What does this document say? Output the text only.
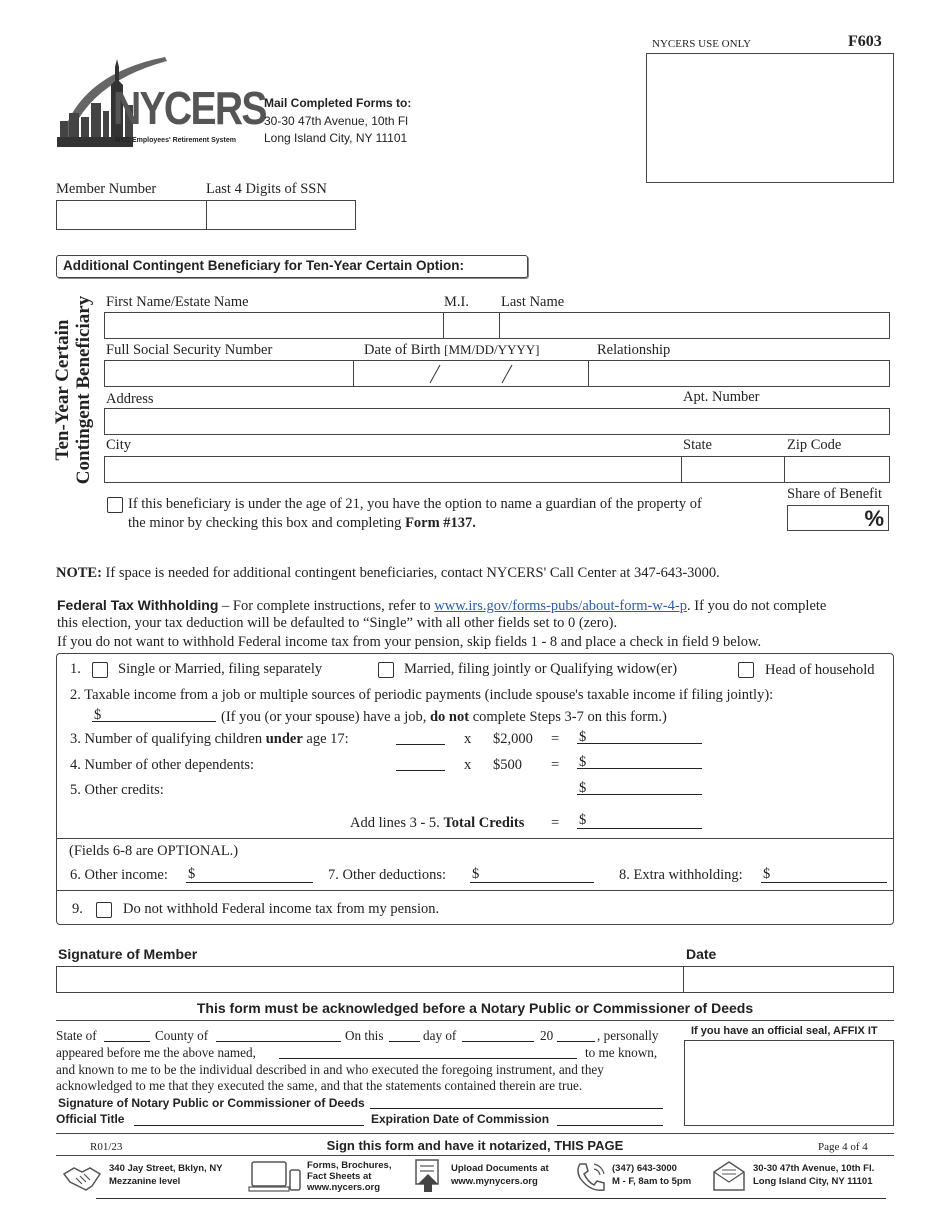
NYCERS USE ONLY	F603
NYCERS
NYC Employees' Retirement System
Mail Completed Forms to:
30-30 47th Avenue, 10th Fl
Long Island City, NY 11101
Member Number	Last 4 Digits of SSN
Additional Contingent Beneficiary for Ten-Year Certain Option:
Ten-Year Certain Contingent Beneficiary First Name/Estate Name	M.I. Last Name
Full Social Security Number	Date of Birth [MM/DD/YYYY]	Relationship
Address	Apt. Number
City	State	Zip Code
If this beneficiary is under the age of 21, you have the option to name a guardian of the property of
the minor by checking this box and completing Form #137.
Share of Benefit
%
NOTE: If space is needed for additional contingent beneficiaries, contact NYCERS' Call Center at 347-643-3000.
Federal Tax Withholding – For complete instructions, refer to www.irs.gov/forms-pubs/about-form-w-4-p. If you do not complete
this election, your tax deduction will be defaulted to “Single” with all other fields set to 0 (zero).
If you do not want to withhold Federal income tax from your pension, skip fields 1 - 8 and place a check in field 9 below.
1.	Single or Married, filing separately	Married, filing jointly or Qualifying widow(er)	Head of household
2. Taxable income from a job or multiple sources of periodic payments (include spouse's taxable income if filing jointly):
$	(If you (or your spouse) have a job, do not complete Steps 3-7 on this form.)
3. Number of qualifying children under age 17:	x $2,000 = $
4. Number of other dependents:	x $500 = $
5. Other credits:	$
Add lines 3 - 5. Total Credits = $
(Fields 6-8 are OPTIONAL.)
6. Other income: $	7. Other deductions: $	8. Extra withholding: $
9.	Do not withhold Federal income tax from my pension.
Signature of Member	Date
This form must be acknowledged before a Notary Public or Commissioner of Deeds
State of	County of	On this	day of	20	, personally
appeared before me the above named,	to me known,
and known to me to be the individual described in and who executed the foregoing instrument, and they
acknowledged to me that they executed the same, and that the statements contained therein are true.
Signature of Notary Public or Commissioner of Deeds
Official Title	Expiration Date of Commission
If you have an official seal, AFFIX IT
R01/23	Sign this form and have it notarized, THIS PAGE	Page 4 of 4
340 Jay Street, Bklyn, NY
Mezzanine level
Forms, Brochures,
Fact Sheets at
www.nycers.org
Upload Documents at
www.mynycers.org
(347) 643-3000
M - F, 8am to 5pm
30-30 47th Avenue, 10th Fl.
Long Island City, NY 11101
